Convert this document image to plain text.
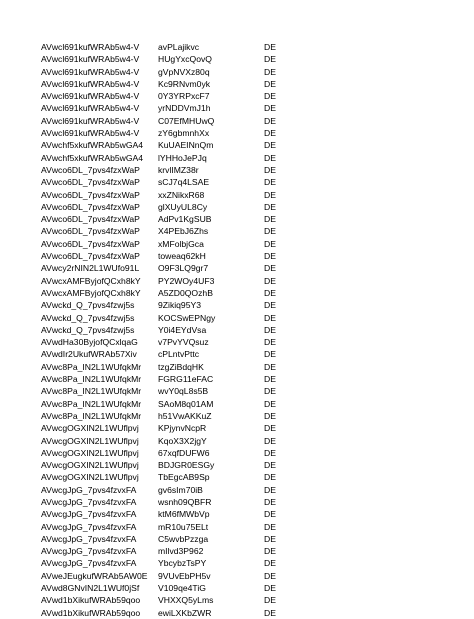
AVwcl691kufWRAb5w4-V	avPLajikvc	DE
AVwcl691kufWRAb5w4-V	HUgYxcQovQ	DE
AVwcl691kufWRAb5w4-V	gVpNVXz80q	DE
AVwcl691kufWRAb5w4-V	Kc9RNvm0yk	DE
AVwcl691kufWRAb5w4-V	0Y3YRPxcF7	DE
AVwcl691kufWRAb5w4-V	yrNDDVmJ1h	DE
AVwcl691kufWRAb5w4-V	C07EfMHUwQ	DE
AVwcl691kufWRAb5w4-V	zY6gbmnhXx	DE
AVwchf5xkufWRAb5wGA4	KuUAEINnQm	DE
AVwchf5xkufWRAb5wGA4	lYHHoJePJq	DE
AVwco6DL_7pvs4fzxWaP	krvlIMZ38r	DE
AVwco6DL_7pvs4fzxWaP	sCJ7q4LSAE	DE
AVwco6DL_7pvs4fzxWaP	xxZNikxR68	DE
AVwco6DL_7pvs4fzxWaP	glXUyUL8Cy	DE
AVwco6DL_7pvs4fzxWaP	AdPv1KgSUB	DE
AVwco6DL_7pvs4fzxWaP	X4PEbJ6Zhs	DE
AVwco6DL_7pvs4fzxWaP	xMFolbjGca	DE
AVwco6DL_7pvs4fzxWaP	toweaq62kH	DE
AVwcy2rNIN2L1WUfo91L	O9F3LQ9gr7	DE
AVwcxAMFByjofQCxh8kY	PY2WOy4UF3	DE
AVwcxAMFByjofQCxh8kY	A5ZD0QOzhB	DE
AVwckd_Q_7pvs4fzwj5s	9Zikiq95Y3	DE
AVwckd_Q_7pvs4fzwj5s	KOCSwEPNgy	DE
AVwckd_Q_7pvs4fzwj5s	Y0i4EYdVsa	DE
AVwdHa30ByjofQCxlqaG	v7PvYVQsuz	DE
AVwdIr2UkufWRAb57Xiv	cPLntvPttc	DE
AVwc8Pa_IN2L1WUfqkMr	tzgZiBdqHK	DE
AVwc8Pa_IN2L1WUfqkMr	FGRG11eFAC	DE
AVwc8Pa_IN2L1WUfqkMr	wvY0qL8s5B	DE
AVwc8Pa_IN2L1WUfqkMr	SAoM8q01AM	DE
AVwc8Pa_IN2L1WUfqkMr	h51VwAKKuZ	DE
AVwcgOGXIN2L1WUflpvj	KPjynvNcpR	DE
AVwcgOGXIN2L1WUflpvj	KqoX3X2jgY	DE
AVwcgOGXIN2L1WUflpvj	67xqfDUFW6	DE
AVwcgOGXIN2L1WUflpvj	BDJGR0ESGy	DE
AVwcgOGXIN2L1WUflpvj	TbEgcAB9Sp	DE
AVwcgJpG_7pvs4fzvxFA	gv6sIm70iB	DE
AVwcgJpG_7pvs4fzvxFA	wsnh09QBFR	DE
AVwcgJpG_7pvs4fzvxFA	ktM6fMWbVp	DE
AVwcgJpG_7pvs4fzvxFA	mR10u75ELt	DE
AVwcgJpG_7pvs4fzvxFA	C5wvbPzzga	DE
AVwcgJpG_7pvs4fzvxFA	mIlvd3P962	DE
AVwcgJpG_7pvs4fzvxFA	YbcybzTsPY	DE
AVweJEugkufWRAb5AW0E	9VUvEbPH5v	DE
AVwd8GNvIN2L1WUf0jSf	V109qe4TiG	DE
AVwd1bXikufWRAb59qoo	VHXXQ5yLms	DE
AVwd1bXikufWRAb59qoo	ewiLXKbZWR	DE
